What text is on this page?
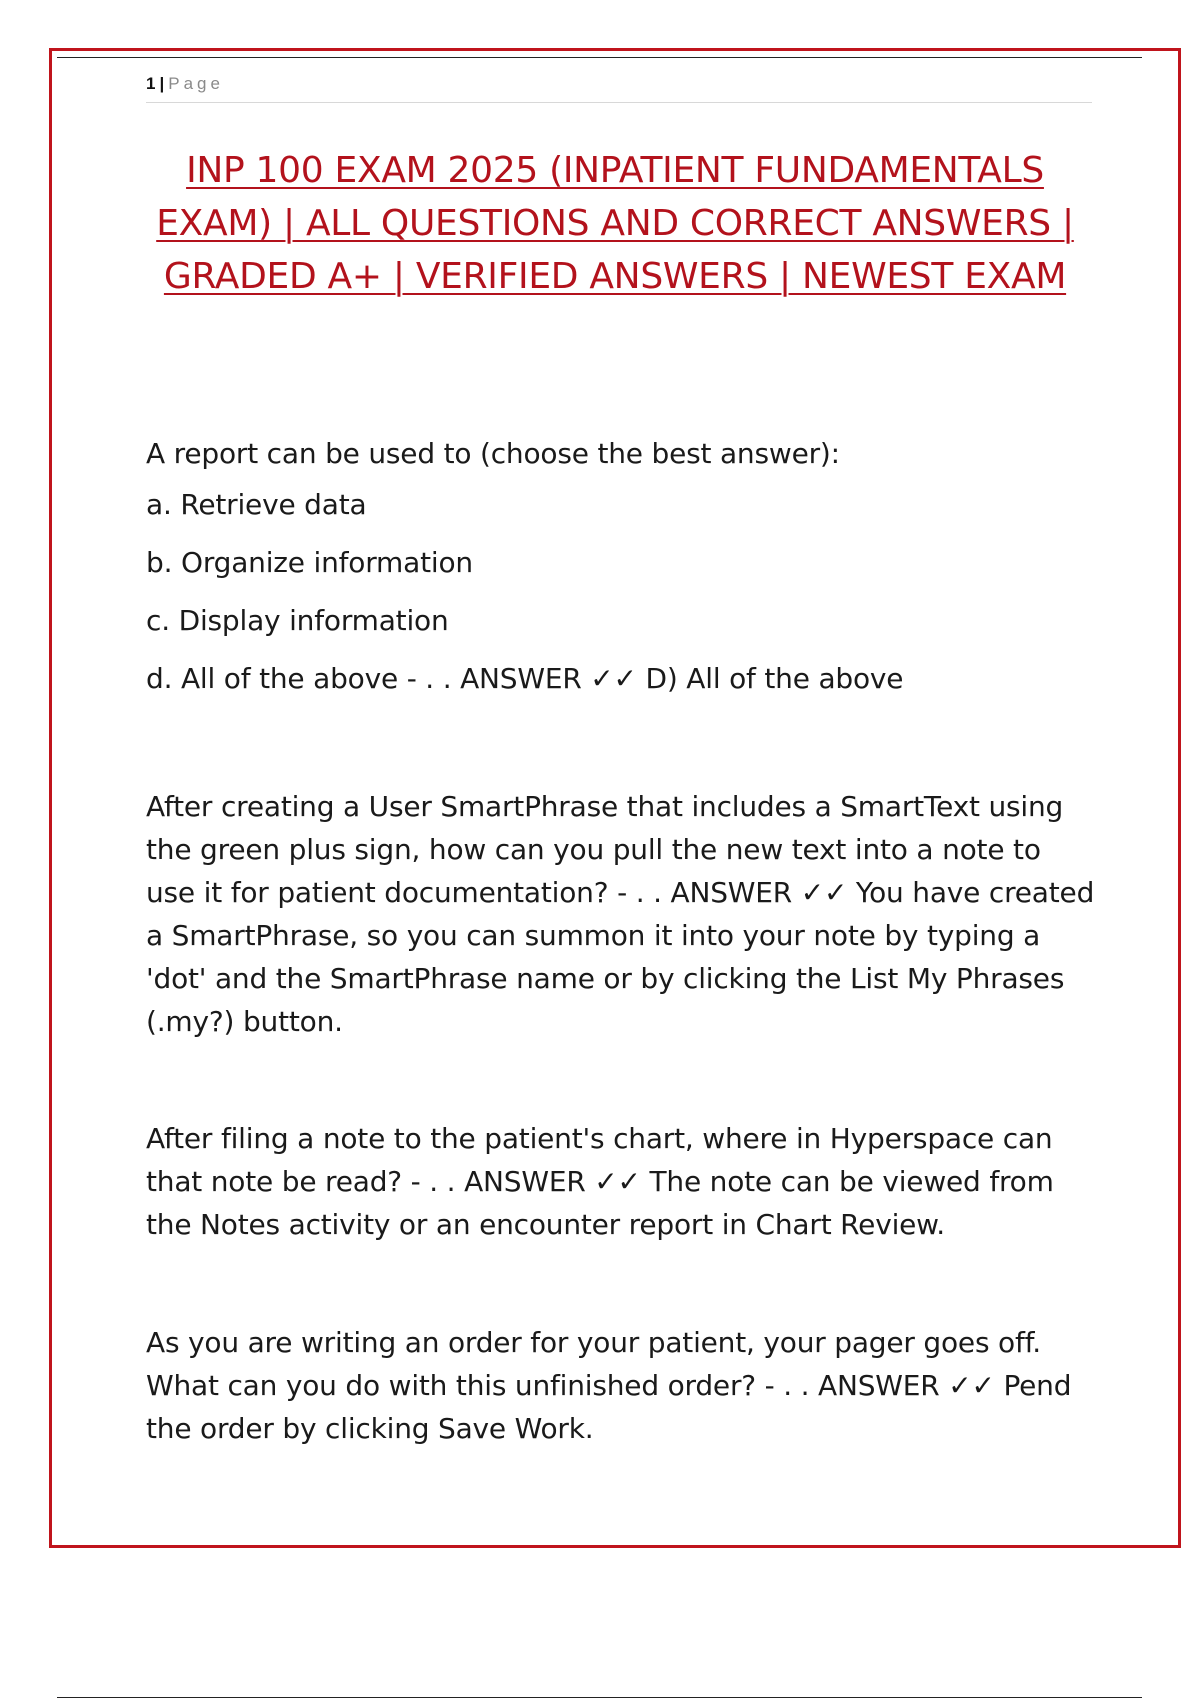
1 | Page
INP 100 EXAM 2025 (INPATIENT FUNDAMENTALS EXAM) | ALL QUESTIONS AND CORRECT ANSWERS | GRADED A+ | VERIFIED ANSWERS | NEWEST EXAM

A report can be used to (choose the best answer):

a. Retrieve data

b. Organize information

c. Display information

d. All of the above - . . ANSWER ✓✓ D) All of the above

After creating a User SmartPhrase that includes a SmartText using the green plus sign, how can you pull the new text into a note to use it for patient documentation? - . . ANSWER ✓✓ You have created a SmartPhrase, so you can summon it into your note by typing a 'dot' and the SmartPhrase name or by clicking the List My Phrases (.my?) button.

After filing a note to the patient's chart, where in Hyperspace can that note be read? - . . ANSWER ✓✓ The note can be viewed from the Notes activity or an encounter report in Chart Review.

As you are writing an order for your patient, your pager goes off. What can you do with this unfinished order? - . . ANSWER ✓✓ Pend the order by clicking Save Work.
